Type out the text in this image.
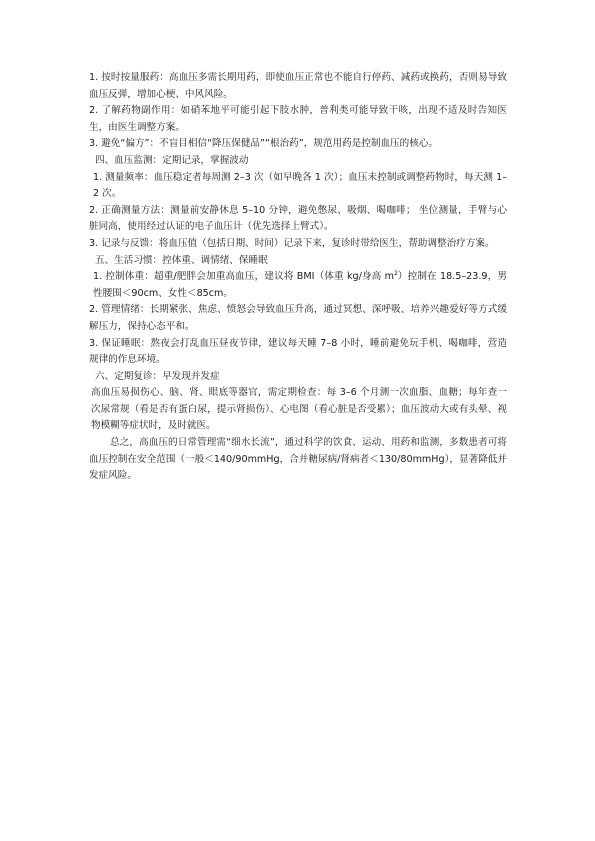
1. 按时按量服药：高血压多需长期用药，即使血压正常也不能自行停药、减药或换药，否则易导致血压反弹，增加心梗、中风风险。

2. 了解药物副作用：如硝苯地平可能引起下肢水肿，普利类可能导致干咳，出现不适及时告知医生，由医生调整方案。

3. 避免“偏方”：不盲目相信“降压保健品”“根治药”，规范用药是控制血压的核心。

四、血压监测：定期记录，掌握波动

1. 测量频率：血压稳定者每周测 2–3 次（如早晚各 1 次）；血压未控制或调整药物时，每天测 1–2 次。

2. 正确测量方法：测量前安静休息 5–10 分钟，避免憋尿、吸烟、喝咖啡； 坐位测量，手臂与心脏同高，使用经过认证的电子血压计（优先选择上臂式）。

3. 记录与反馈：将血压值（包括日期、时间）记录下来，复诊时带给医生，帮助调整治疗方案。

五、生活习惯：控体重、调情绪、保睡眠

1. 控制体重：超重/肥胖会加重高血压，建议将 BMI（体重 kg/身高 $m^2$）控制在 18.5–23.9，男性腰围＜90cm、女性＜85cm。

2. 管理情绪：长期紧张、焦虑、愤怒会导致血压升高，通过冥想、深呼吸、培养兴趣爱好等方式缓解压力，保持心态平和。

3. 保证睡眠：熬夜会打乱血压昼夜节律，建议每天睡 7–8 小时，睡前避免玩手机、喝咖啡，营造规律的作息环境。

六、定期复诊：早发现并发症

高血压易损伤心、脑、肾、眼底等器官，需定期检查：每 3–6 个月测一次血脂、血糖；每年查一次尿常规（看是否有蛋白尿，提示肾损伤）、心电图（看心脏是否受累）；血压波动大或有头晕、视物模糊等症状时，及时就医。

总之，高血压的日常管理需“细水长流”，通过科学的饮食、运动、用药和监测，多数患者可将血压控制在安全范围（一般＜140/90mmHg，合并糖尿病/肾病者＜130/80mmHg），显著降低并发症风险。
